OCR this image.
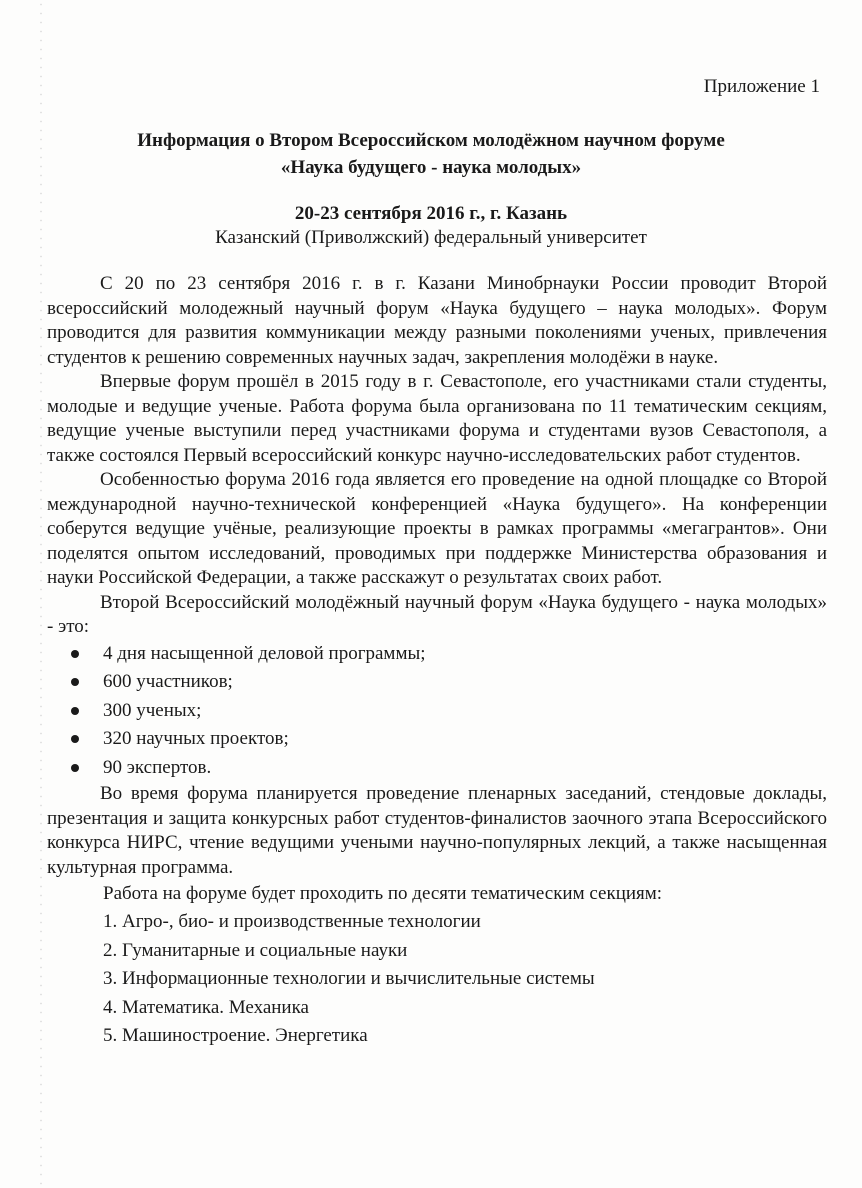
Приложение 1
Информация о Втором Всероссийском молодёжном научном форуме
«Наука будущего - наука молодых»
20-23 сентября 2016 г., г. Казань
Казанский (Приволжский) федеральный университет

С 20 по 23 сентября 2016 г. в г. Казани Минобрнауки России проводит Второй всероссийский молодежный научный форум «Наука будущего – наука молодых». Форум проводится для развития коммуникации между разными поколениями ученых, привлечения студентов к решению современных научных задач, закрепления молодёжи в науке.

Впервые форум прошёл в 2015 году в г. Севастополе, его участниками стали студенты, молодые и ведущие ученые. Работа форума была организована по 11 тематическим секциям, ведущие ученые выступили перед участниками форума и студентами вузов Севастополя, а также состоялся Первый всероссийский конкурс научно-исследовательских работ студентов.

Особенностью форума 2016 года является его проведение на одной площадке со Второй международной научно-технической конференцией «Наука будущего». На конференции соберутся ведущие учёные, реализующие проекты в рамках программы «мегагрантов». Они поделятся опытом исследований, проводимых при поддержке Министерства образования и науки Российской Федерации, а также расскажут о результатах своих работ.

Второй Всероссийский молодёжный научный форум «Наука будущего - наука молодых» - это:

4 дня насыщенной деловой программы;
600 участников;
300 ученых;
320 научных проектов;
90 экспертов.

Во время форума планируется проведение пленарных заседаний, стендовые доклады, презентация и защита конкурсных работ студентов-финалистов заочного этапа Всероссийского конкурса НИРС, чтение ведущими учеными научно-популярных лекций, а также насыщенная культурная программа.

Работа на форуме будет проходить по десяти тематическим секциям:

1. Агро-, био- и производственные технологии
2. Гуманитарные и социальные науки
3. Информационные технологии и вычислительные системы
4. Математика. Механика
5. Машиностроение. Энергетика
